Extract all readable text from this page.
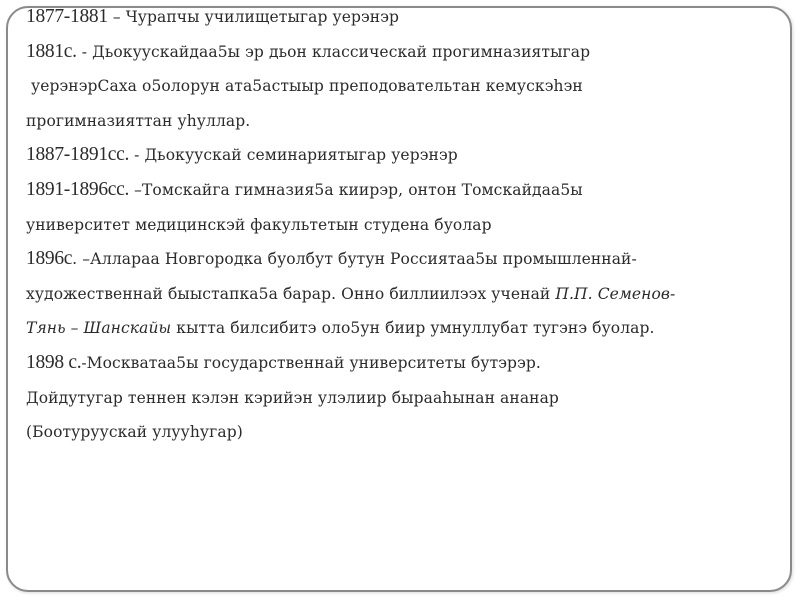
1877-1881 – Чурапчы училищетыгар уерэнэр

1881с. - Дьокуускайдаа5ы эр дьон классическай прогимназиятыгар

уерэнэрСаха о5олорун ата5астыыр преподовательтан кемускэhэн

прогимназияттан уhуллар.

1887-1891сс. - Дьокуускай семинариятыгар уерэнэр

1891-1896сс. –Томскайга гимназия5а киирэр, онтон Томскайдаа5ы

университет медицинскэй факультетын студена буолар

1896с. –Аллараа Новгородка буолбут бутун Россиятаа5ы промышленнай-

художественнай быыстапка5а барар. Онно биллиилээх ученай П.П. Семенов-

Тянь – Шанскайы кытта билсибитэ оло5ун биир умнуллубат тугэнэ буолар.

1898 с.-Москватаа5ы государственнай университеты бутэрэр.

Дойдутугар теннен кэлэн кэрийэн улэлиир бырааhынан ананар

(Боотуруускай улууhугар)
